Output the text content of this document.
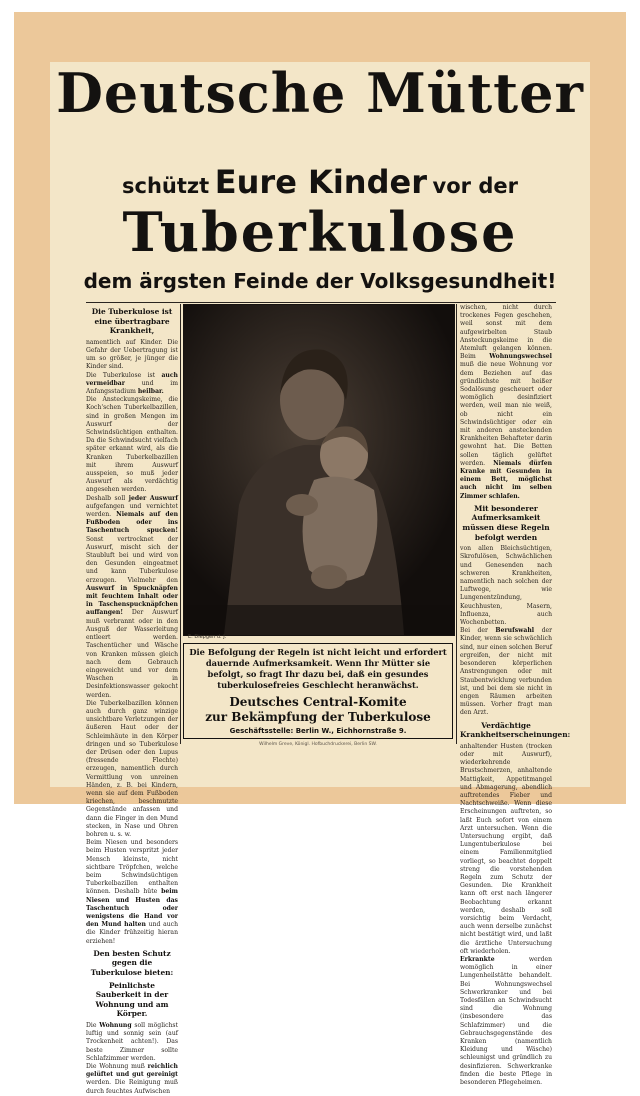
Deutsche Mütter
schützt Eure Kinder vor der
Tuberkulose
dem ärgsten Feinde der Volksgesundheit!

Die Tuberkulose ist eine übertragbare Krankheit,

namentlich auf Kinder. Die Gefahr der Uebertragung ist um so größer, je jünger die Kinder sind.

Die Tuberkulose ist auch vermeidbar	und im Anfangsstadium heilbar.

Die Ansteckungskeime, die Koch'schen Tuberkelbazillen, sind in großen Mengen im Auswurf der Schwindsüchtigen enthalten. Da die Schwindsucht vielfach später erkannt wird, als die Kranken Tuberkelbazillen mit ihrem Auswurf ausspeien, so muß jeder Auswurf als verdächtig angesehen werden.

Deshalb soll jeder Auswurf aufgefangen und vernichtet werden. Niemals auf den Fußboden oder ins Taschentuch spucken! Sonst vertrocknet der Auswurf, mischt sich der Staubluft bei und wird von den Gesunden eingeatmet und kann Tuberkulose erzeugen. Vielmehr den Auswurf in Spucknäpfen mit feuchtem Inhalt oder in Taschenspucknäpfchen auffangen! Der Auswurf muß verbrannt oder in den Ausguß der Wasserleitung entleert werden. Taschentücher und Wäsche von Kranken müssen gleich nach dem Gebrauch eingeweicht und vor dem Waschen in Desinfektionswasser gekocht werden.

Die Tuberkelbazillen können auch durch ganz winzige unsichtbare Verletzungen der äußeren Haut oder der Schleimhäute in den Körper dringen und so Tuberkulose der Drüsen oder den Lupus (fressende Flechte) erzeugen, namentlich durch Vermittlung von unreinen Händen, z. B. bei Kindern, wenn sie auf dem Fußboden kriechen, beschmutzte Gegenstände anfassen und dann die Finger in den Mund stecken, in Nase und Ohren bohren u. s. w.

Beim Niesen und besonders beim Husten verspritzt jeder Mensch kleinste, nicht sichtbare Tröpfchen, welche beim Schwindsüchtigen Tuberkelbazillen enthalten können. Deshalb hüte beim Niesen und Husten das Taschentuch oder wenigstens die Hand vor den Mund halten und auch die Kinder frühzeitig hieran erziehen!

Den besten Schutz gegen die Tuberkulose bieten:

Peinlichste Sauberkeit in der Wohnung und am Körper.

Die Wohnung soll möglichst luftig und sonnig sein (auf Trockenheit achten!). Das beste Zimmer sollte Schlafzimmer werden.

Die Wohnung muß reichlich gelüftet und gut gereinigt werden. Die Reinigung muß durch feuchtes Aufwischen

E. Diepgen d. J.

wischen, nicht durch trockenes Fegen geschehen, weil sonst mit dem aufgewirbelten Staub Ansteckungskeime in die Atemluft gelangen können. Beim Wohnungswechsel muß die neue Wohnung vor dem Beziehen auf das gründlichste mit heißer Sodalösung gescheuert oder womöglich desinfiziert werden, weil man nie weiß, ob nicht ein Schwindsüchtiger oder ein mit anderen ansteckenden Krankheiten Behafteter darin gewohnt hat. Die Betten sollen täglich gelüftet werden. Niemals dürfen Kranke mit Gesunden in einem Bett, möglichst auch nicht im selben Zimmer schlafen.

Mit besonderer Aufmerksamkeit müssen diese Regeln befolgt werden

von allen Bleichsüchtigen, Skrofulösen, Schwächlichen und Genesenden nach schweren Krankheiten, namentlich nach solchen der Luftwege, wie Lungenentzündung, Keuchhusten, Masern, Influenza, auch Wochenbetten.

Bei der Berufswahl der Kinder, wenn sie schwächlich sind, nur einen solchen Beruf ergreifen, der nicht mit besonderen körperlichen Anstrengungen oder mit Staubentwicklung verbunden ist, und bei dem sie nicht in engen Räumen arbeiten müssen. Vorher fragt man den Arzt.

Verdächtige Krankheitserscheinungen:

anhaltender Husten (trocken oder mit Auswurf), wiederkehrende Brustschmerzen, anhaltende Mattigkeit, Appetitmangel und Abmagerung, abendlich auftretendes Fieber und Nachtschweiße. Wenn diese Erscheinungen auftreten, so laßt Euch sofort von einem Arzt untersuchen. Wenn die Untersuchung ergibt, daß Lungentuberkulose bei einem Familienmitglied vorliegt, so beachtet doppelt streng die vorstehenden Regeln zum Schutz der Gesunden. Die Krankheit kann oft erst nach längerer Beobachtung erkannt werden, deshalb soll vorsichtig beim Verdacht, auch wenn derselbe zunächst nicht bestätigt wird, und laßt die ärztliche Untersuchung oft wiederholen.

Erkrankte	werden womöglich in einer Lungenheilstätte behandelt. Bei Wohnungswechsel Schwerkranker und bei Todesfällen an Schwindsucht sind die Wohnung (insbesondere das Schlafzimmer) und die Gebrauchsgegenstände des Kranken (namentlich Kleidung und Wäsche) schleunigst und gründlich zu desinfizieren. Schwerkranke finden die beste Pflege in besonderen Pflegeheimen.

Die Befolgung der Regeln ist nicht leicht und erfordert dauernde Aufmerksamkeit. Wenn Ihr Mütter sie befolgt, so fragt Ihr dazu bei, daß ein gesundes tuberkulosefreies Geschlecht heranwächst.
Deutsches Central-Komite
zur Bekämpfung der Tuberkulose
Geschäftsstelle: Berlin W., Eichhornstraße 9.
Wilhelm Greve, Königl. Hofbuchdruckerei, Berlin SW.
